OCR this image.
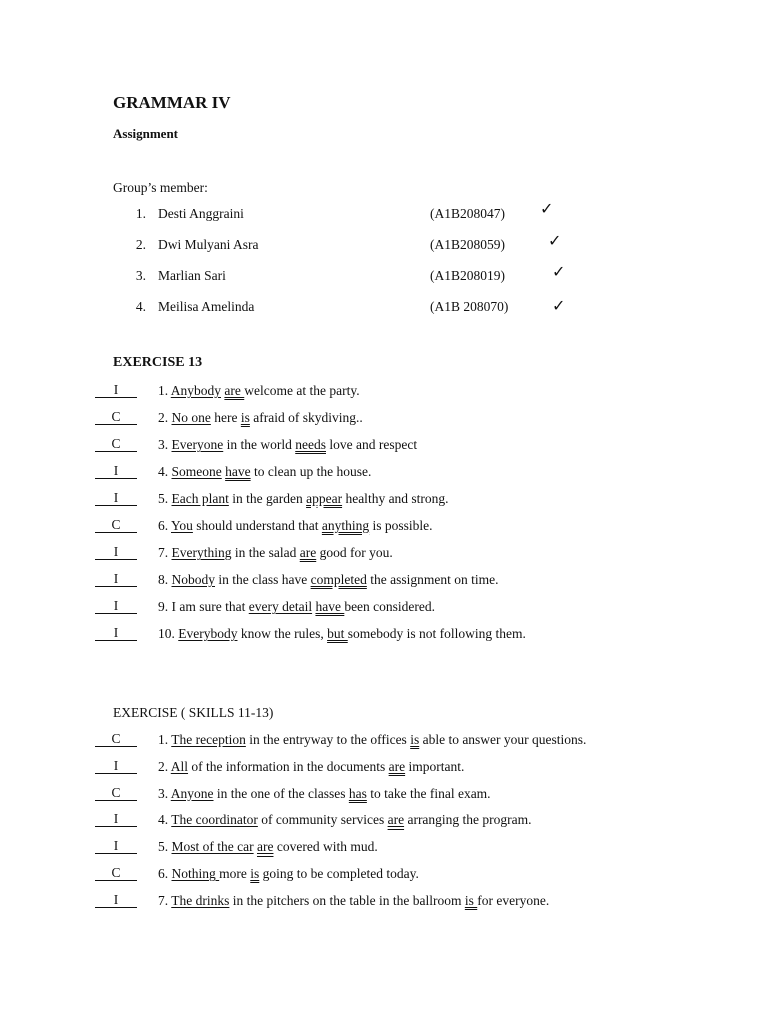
GRAMMAR IV
Assignment
Group’s member:
1. Desti Anggraini	(A1B208047) ✓
2. Dwi Mulyani Asra	(A1B208059)	✓
3. Marlian Sari	(A1B208019)	✓
4. Meilisa Amelinda	(A1B 208070)	✓
EXERCISE 13
I	1. Anybody are welcome at the party.
C	2. No one here is afraid of skydiving..
C	3. Everyone in the world needs love and respect
I	4. Someone have to clean up the house.
I	5. Each plant in the garden appear healthy and strong.
C	6. You should understand that anything is possible.
I	7. Everything in the salad are good for you.
I	8. Nobody in the class have completed the assignment on time.
I	9. I am sure that every detail have been considered.
I	10. Everybody know the rules, but somebody is not following them.
EXERCISE ( SKILLS 11-13)
C	1. The reception in the entryway to the offices is able to answer your questions.
I	2. All of the information in the documents are important.
C	3. Anyone in the one of the classes has to take the final exam.
I	4. The coordinator of community services are arranging the program.
I	5. Most of the car are covered with mud.
C	6. Nothing more is going to be completed today.
I	7. The drinks in the pitchers on the table in the ballroom is for everyone.
